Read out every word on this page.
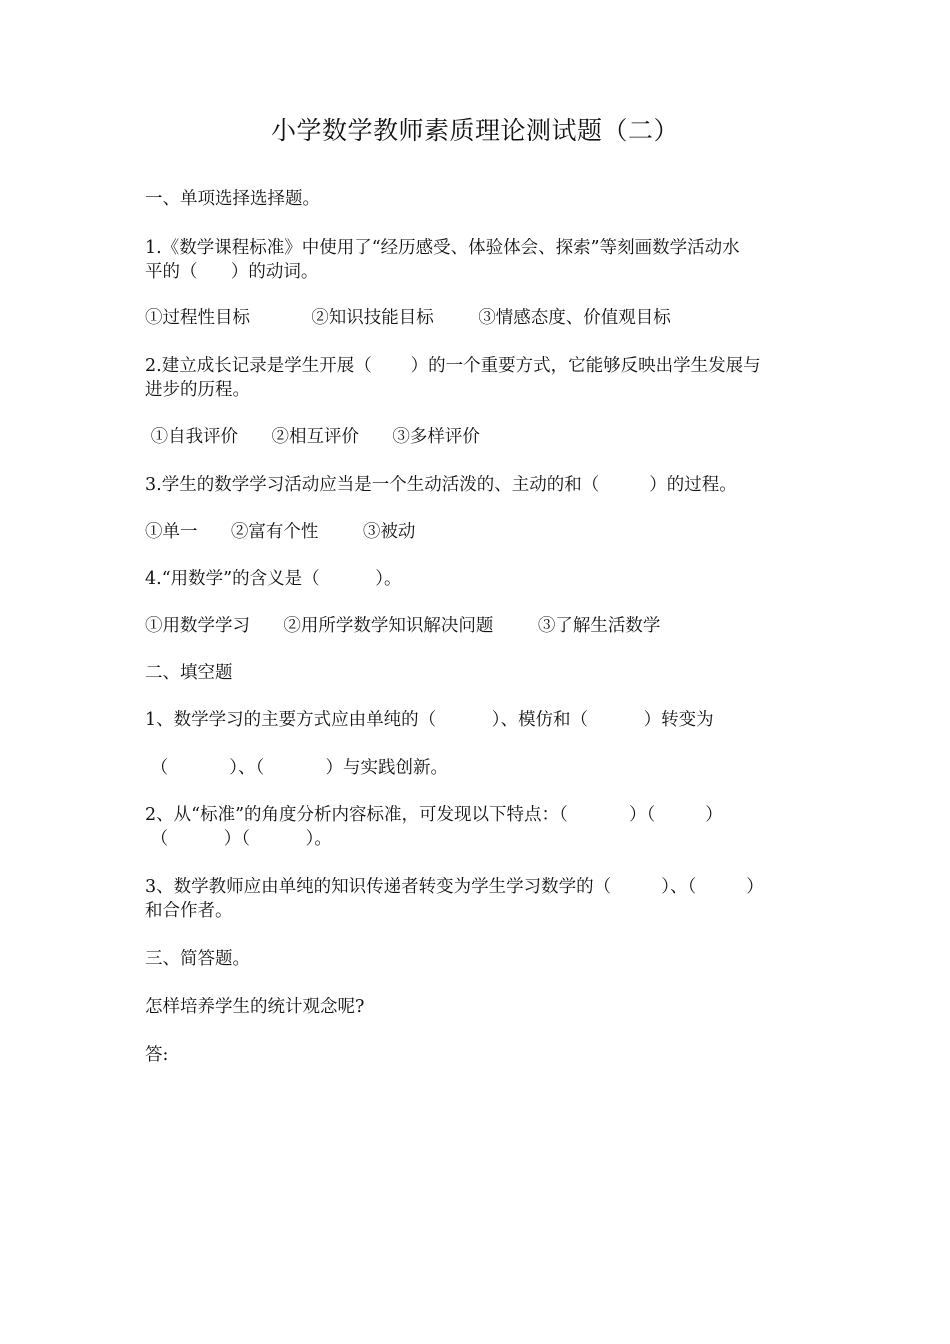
小学数学教师素质理论测试题（二）
一、单项选择选择题。
1.《数学课程标准》中使用了“经历感受、体验体会、探索”等刻画数学活动水
平的（      ）的动词。
①过程性目标           ②知识技能目标        ③情感态度、价值观目标
2.建立成长记录是学生开展（       ）的一个重要方式，它能够反映出学生发展与
进步的历程。
①自我评价      ②相互评价      ③多样评价
3.学生的数学学习活动应当是一个生动活泼的、主动的和（         ）的过程。
①单一      ②富有个性        ③被动
4.“用数学”的含义是（          ）。
①用数学学习      ②用所学数学知识解决问题        ③了解生活数学
二、填空题
1、数学学习的主要方式应由单纯的（          ）、模仿和（          ）转变为
（           ）、（           ）与实践创新。
2、从“标准”的角度分析内容标准，可发现以下特点：（           ）（         ）
（          ）（          ）。
3、数学教师应由单纯的知识传递者转变为学生学习数学的（         ）、（         ）
和合作者。
三、简答题。
怎样培养学生的统计观念呢?
答:
